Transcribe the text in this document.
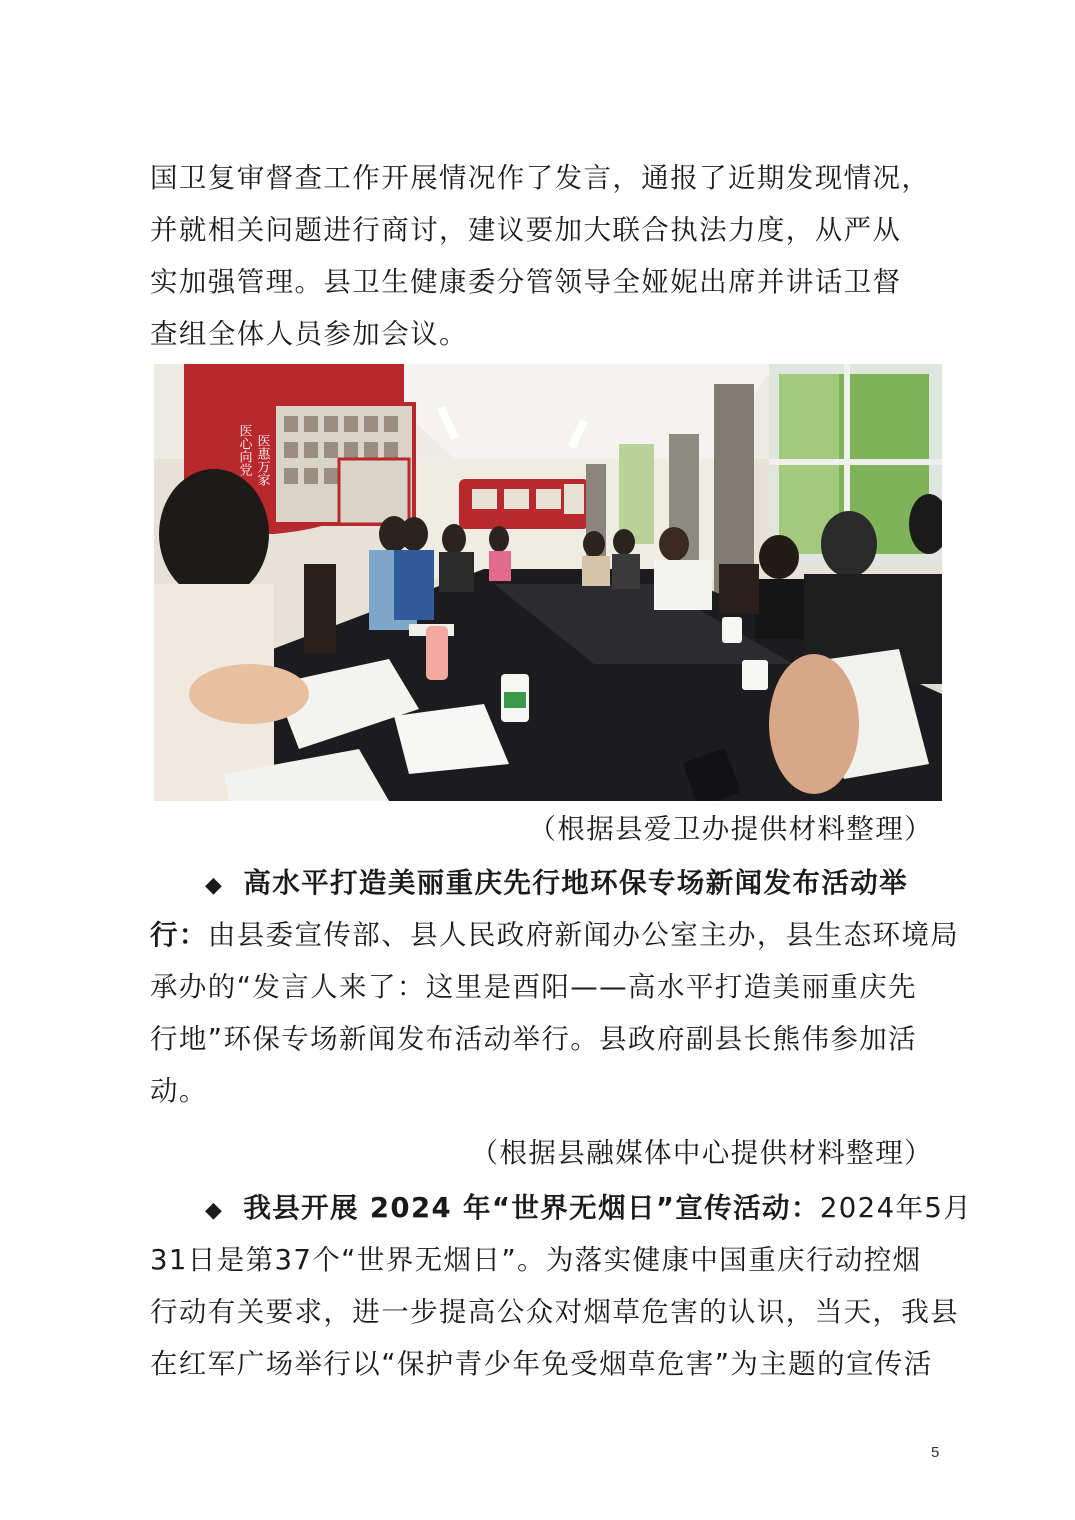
国卫复审督查工作开展情况作了发言，通报了近期发现情况，
并就相关问题进行商讨，建议要加大联合执法力度，从严从
实加强管理。县卫生健康委分管领导全娅妮出席并讲话卫督
查组全体人员参加会议。
医心向党 医惠万家
（根据县爱卫办提供材料整理）
◆ 高水平打造美丽重庆先行地环保专场新闻发布活动举
行：由县委宣传部、县人民政府新闻办公室主办，县生态环境局
承办的“发言人来了：这里是酉阳——高水平打造美丽重庆先
行地”环保专场新闻发布活动举行。县政府副县长熊伟参加活
动。
（根据县融媒体中心提供材料整理）
◆ 我县开展 2024 年“世界无烟日”宣传活动：2024年5月
31日是第37个“世界无烟日”。为落实健康中国重庆行动控烟
行动有关要求，进一步提高公众对烟草危害的认识，当天，我县
在红军广场举行以“保护青少年免受烟草危害”为主题的宣传活
5
